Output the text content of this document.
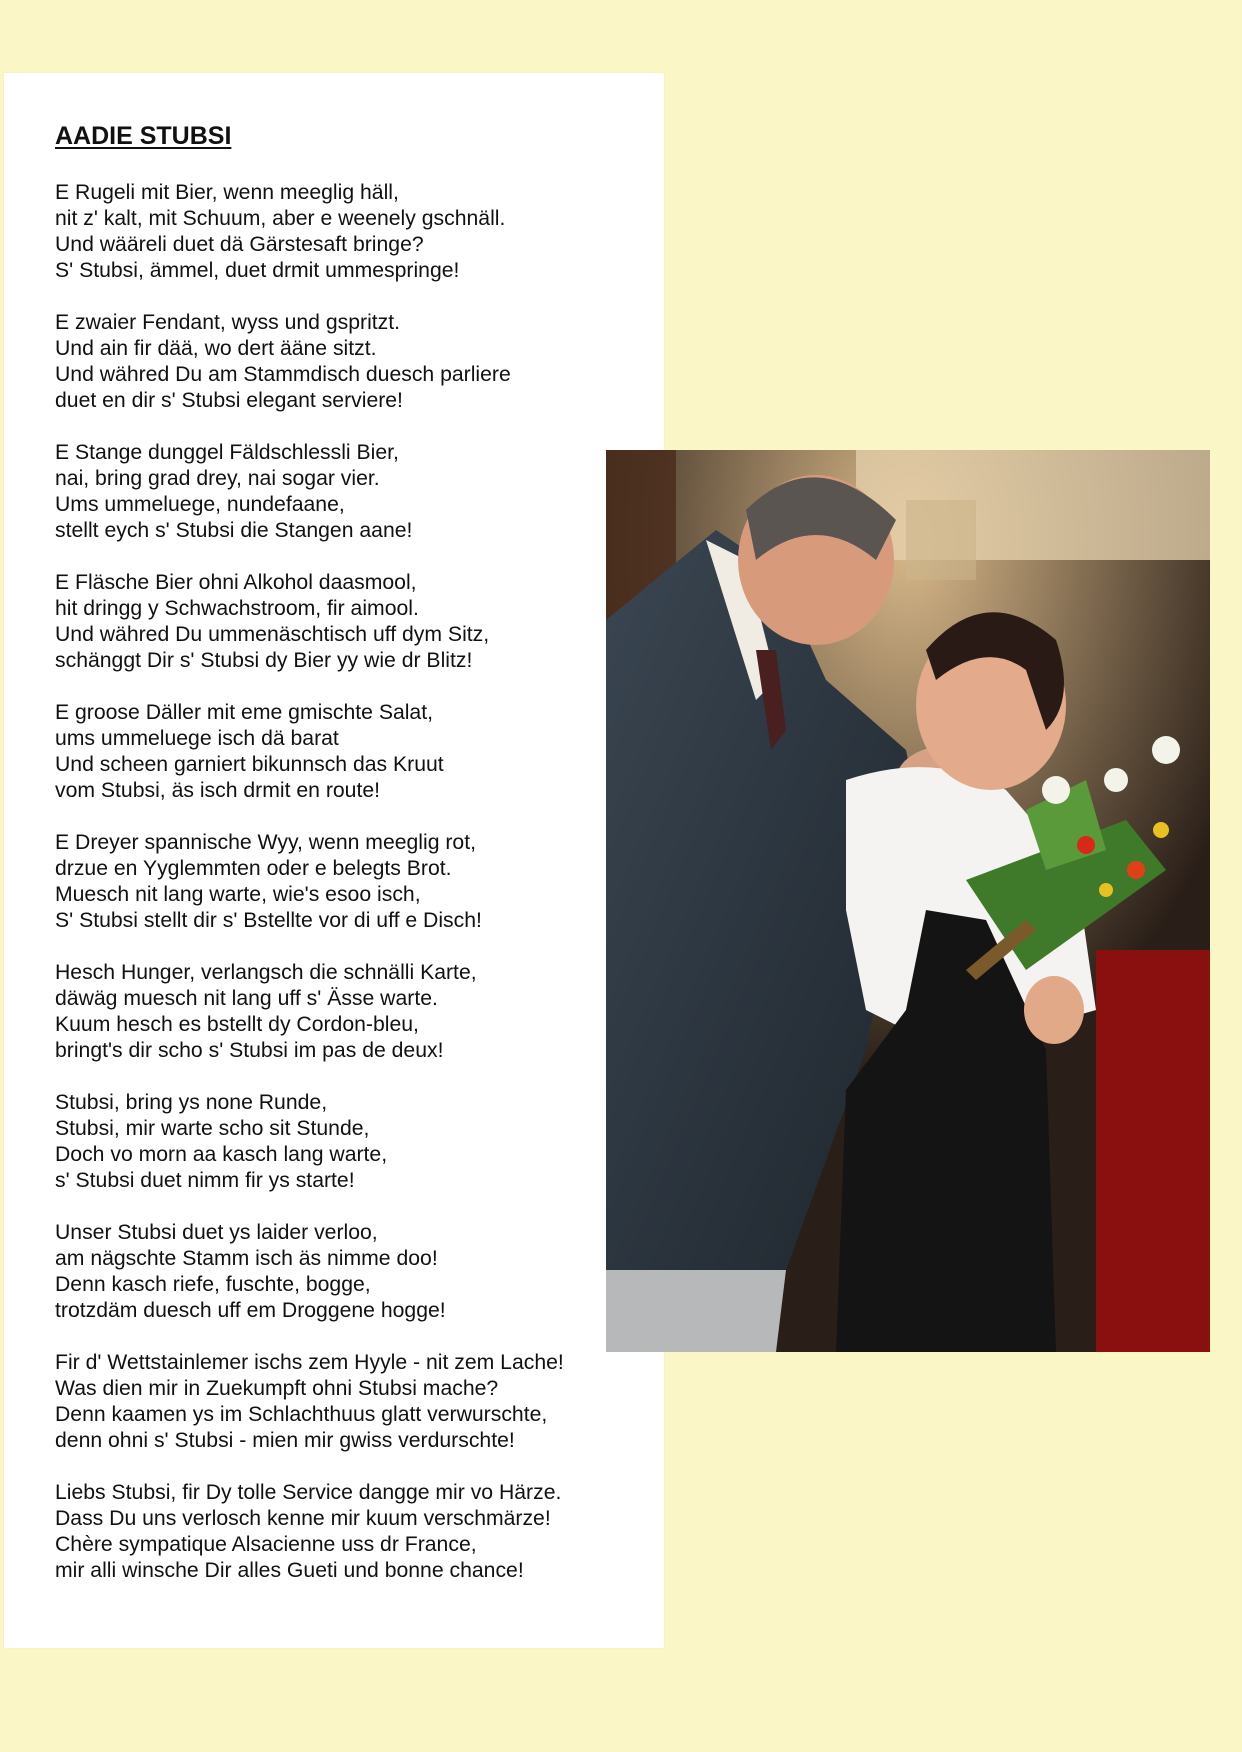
AADIE STUBSI
E Rugeli mit Bier, wenn meeglig häll,
nit z' kalt, mit Schuum, aber e weenely gschnäll.
Und wääreli duet dä Gärstesaft bringe?
S' Stubsi, ämmel, duet drmit ummespringe!
E zwaier Fendant, wyss und gspritzt.
Und ain fir dää, wo dert ääne sitzt.
Und währed Du am Stammdisch duesch parliere
duet en dir s' Stubsi elegant serviere!
E Stange dunggel Fäldschlessli Bier,
nai, bring grad drey, nai sogar vier.
Ums ummeluege, nundefaane,
stellt eych s' Stubsi die Stangen aane!
E Fläsche Bier ohni Alkohol daasmool,
hit dringg y Schwachstroom, fir aimool.
Und währed Du ummenäschtisch uff dym Sitz,
schänggt Dir s' Stubsi dy Bier yy wie dr Blitz!
E groose Däller mit eme gmischte Salat,
ums ummeluege isch dä barat
Und scheen garniert bikunnsch das Kruut
vom Stubsi, äs isch drmit en route!
E Dreyer spannische Wyy, wenn meeglig rot,
drzue en Yyglemmten oder e belegts Brot.
Muesch nit lang warte, wie's esoo isch,
S' Stubsi stellt dir s' Bstellte vor di uff e Disch!
Hesch Hunger, verlangsch die schnälli Karte,
däwäg muesch nit lang uff s' Ässe warte.
Kuum hesch es bstellt dy Cordon-bleu,
bringt's dir scho s' Stubsi im pas de deux!
Stubsi, bring ys none Runde,
Stubsi, mir warte scho sit Stunde,
Doch vo morn aa kasch lang warte,
s' Stubsi duet nimm fir ys starte!
Unser Stubsi duet ys laider verloo,
am nägschte Stamm isch äs nimme doo!
Denn kasch riefe, fuschte, bogge,
trotzdäm duesch uff em Droggene hogge!
Fir d' Wettstainlemer ischs zem Hyyle - nit zem Lache!
Was dien mir in Zuekumpft ohni Stubsi mache?
Denn kaamen ys im Schlachthuus glatt verwurschte,
denn ohni s' Stubsi - mien mir gwiss verdurschte!
Liebs Stubsi, fir Dy tolle Service dangge mir vo Härze.
Dass Du uns verlosch kenne mir kuum verschmärze!
Chère sympatique Alsacienne uss dr France,
mir alli winsche Dir alles Gueti und bonne chance!
